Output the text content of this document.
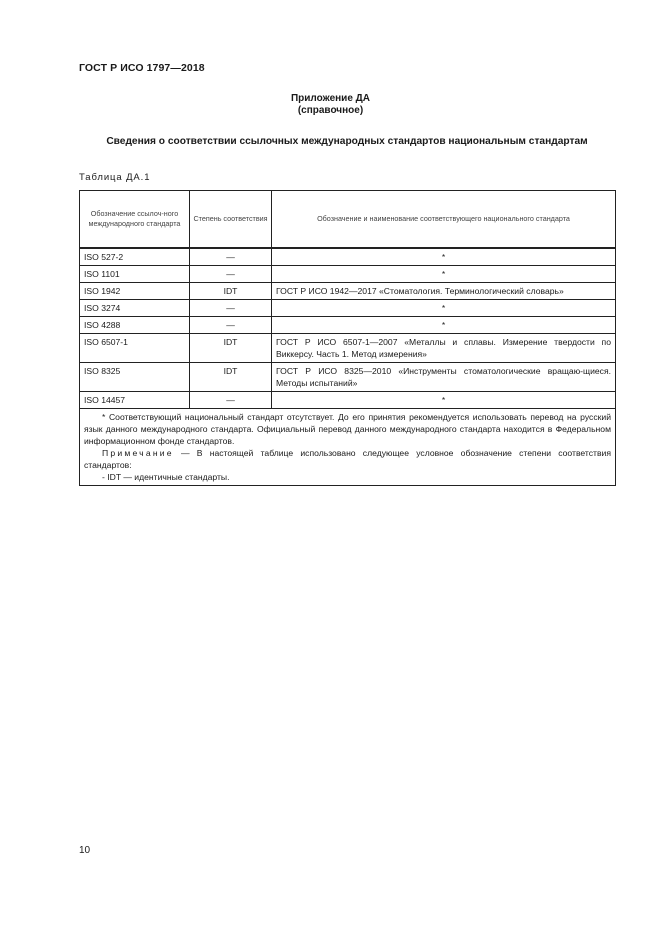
ГОСТ Р ИСО 1797—2018
Приложение ДА
(справочное)
Сведения о соответствии ссылочных международных стандартов национальным стандартам
Таблица ДА.1
Обозначение ссылоч-ного международного стандарта	Степень соответствия	Обозначение и наименование соответствующего национального стандарта
ISO 527-2	—	*
ISO 1101	—	*
ISO 1942	IDT	ГОСТ Р ИСО 1942—2017 «Стоматология. Терминологический словарь»
ISO 3274	—	*
ISO 4288	—	*
ISO 6507-1	IDT	ГОСТ Р ИСО 6507-1—2007 «Металлы и сплавы. Измерение твердости по Виккерсу. Часть 1. Метод измерения»
ISO 8325	IDT	ГОСТ Р ИСО 8325—2010 «Инструменты стоматологические вращаю-щиеся. Методы испытаний»
ISO 14457	—	*

* Соответствующий национальный стандарт отсутствует. До его принятия рекомендуется использовать перевод на русский язык данного международного стандарта. Официальный перевод данного международного стандарта находится в Федеральном информационном фонде стандартов.

Примечание — В настоящей таблице использовано следующее условное обозначение степени соответствия стандартов:

- IDT — идентичные стандарты.		

10
